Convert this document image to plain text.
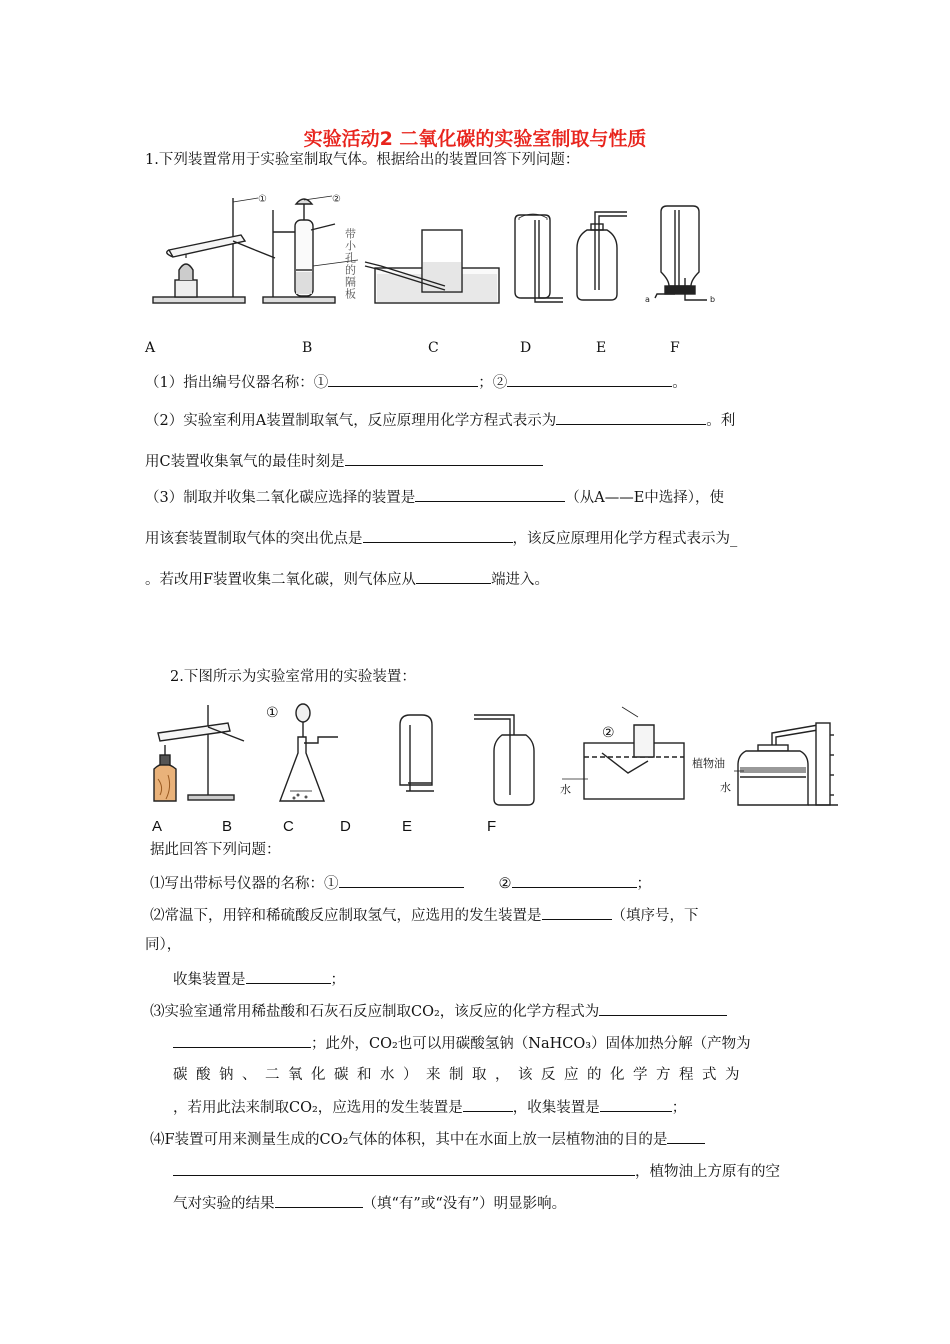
实验活动2 二氧化碳的实验室制取与性质
1.下列装置常用于实验室制取气体。根据给出的装置回答下列问题：
①	②
a	b
带小孔的隔板
A	B	C	D	E	F
（1）指出编号仪器名称：①	；②	。
（2）实验室利用A装置制取氧气，反应原理用化学方程式表示为	。利
用C装置收集氧气的最佳时刻是
（3）制取并收集二氧化碳应选择的装置是	（从A——E中选择），使
用该套装置制取气体的突出优点是	，该反应原理用化学方程式表示为_
。若改用F装置收集二氧化碳，则气体应从	端进入。
2.下图所示为实验室常用的实验装置：
①
②
水
植物油
水
A	B	C	D	E	F
据此回答下列问题：
⑴写出带标号仪器的名称：①	②	；
⑵常温下，用锌和稀硫酸反应制取氢气，应选用的发生装置是	（填序号，下
同），
收集装置是	；
⑶实验室通常用稀盐酸和石灰石反应制取CO₂，该反应的化学方程式为
；此外，CO₂也可以用碳酸氢钠（NaHCO₃）固体加热分解（产物为
碳酸钠、二氧化碳和水）来制取，该反应的化学方程式为
，若用此法来制取CO₂，应选用的发生装置是	，收集装置是	；
⑷F装置可用来测量生成的CO₂气体的体积，其中在水面上放一层植物油的目的是
，植物油上方原有的空
气对实验的结果	（填“有”或“没有”）明显影响。
